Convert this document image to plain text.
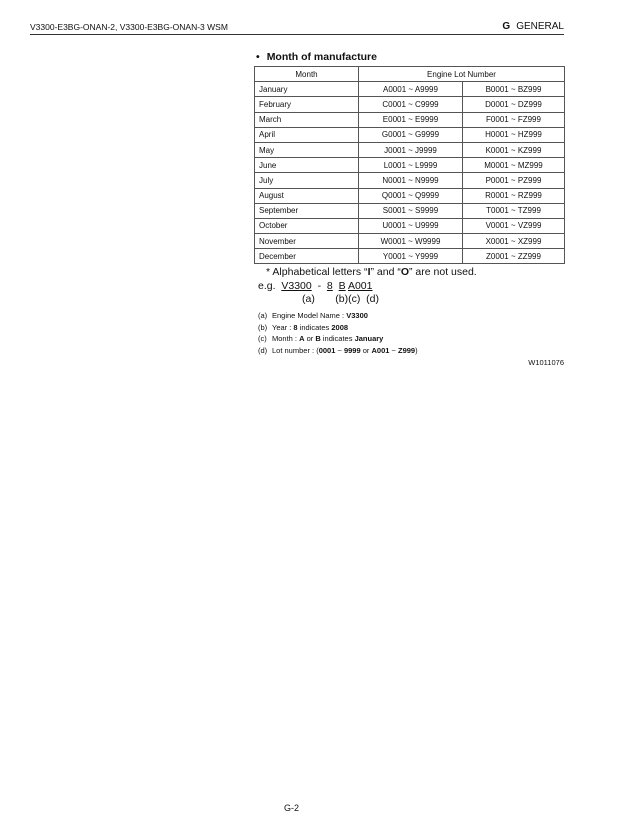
V3300-E3BG-ONAN-2, V3300-E3BG-ONAN-3 WSM	G GENERAL
• Month of manufacture
Month	Engine Lot Number	
January	A0001 ~ A9999	B0001 ~ BZ999
February	C0001 ~ C9999	D0001 ~ DZ999
March	E0001 ~ E9999	F0001 ~ FZ999
April	G0001 ~ G9999	H0001 ~ HZ999
May	J0001 ~ J9999	K0001 ~ KZ999
June	L0001 ~ L9999	M0001 ~ MZ999
July	N0001 ~ N9999	P0001 ~ PZ999
August	Q0001 ~ Q9999	R0001 ~ RZ999
September	S0001 ~ S9999	T0001 ~ TZ999
October	U0001 ~ U9999	V0001 ~ VZ999
November	W0001 ~ W9999	X0001 ~ XZ999
December	Y0001 ~ Y9999	Z0001 ~ ZZ999
* Alphabetical letters “I” and “O” are not used.
e.g. V3300 - 8 B A001
(a)       (b)(c)  (d)
(a) Engine Model Name : V3300
(b) Year : 8 indicates 2008
(c) Month : A or B indicates January
(d) Lot number : (0001 ~ 9999 or A001 ~ Z999)
W1011076
G-2
